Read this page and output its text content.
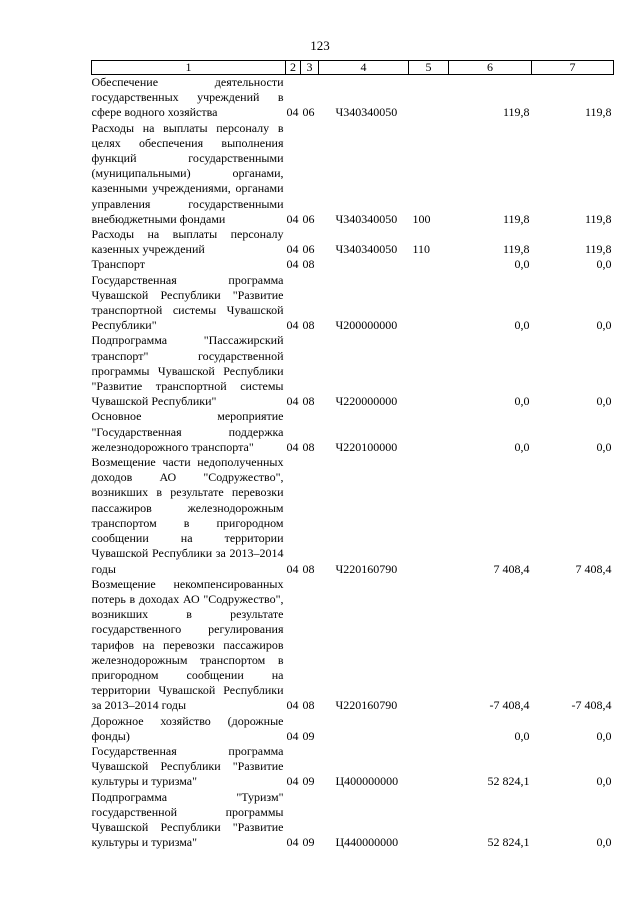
123
1	2	3	4	5	6	7
Обеспечение деятельности государственных учреждений в сфере водного хозяйства	04	06	Ч340340050		119,8	119,8
Расходы на выплаты персоналу в целях обеспечения выполнения функций государственными (муниципальными) органами, казенными учреждениями, органами управления государственными внебюджетными фондами	04	06	Ч340340050	100	119,8	119,8
Расходы на выплаты персоналу казенных учреждений	04	06	Ч340340050	110	119,8	119,8
Транспорт	04	08			0,0	0,0
Государственная программа Чувашской Республики "Развитие транспортной системы Чувашской Республики"	04	08	Ч200000000		0,0	0,0
Подпрограмма "Пассажирский транспорт" государственной программы Чувашской Республики "Развитие транспортной системы Чувашской Республики"	04	08	Ч220000000		0,0	0,0
Основное мероприятие "Государственная поддержка железнодорожного транспорта"	04	08	Ч220100000		0,0	0,0
Возмещение части недополученных доходов АО "Содружество", возникших в результате перевозки пассажиров железнодорожным транспортом в пригородном сообщении на территории Чувашской Республики за 2013–2014 годы	04	08	Ч220160790		7 408,4	7 408,4
Возмещение некомпенсированных потерь в доходах АО "Содружество", возникших в результате государственного регулирования тарифов на перевозки пассажиров железнодорожным транспортом в пригородном сообщении на территории Чувашской Республики за 2013–2014 годы	04	08	Ч220160790		-7 408,4	-7 408,4
Дорожное хозяйство (дорожные фонды)	04	09			0,0	0,0
Государственная программа Чувашской Республики "Развитие культуры и туризма"	04	09	Ц400000000		52 824,1	0,0
Подпрограмма "Туризм" государственной программы Чувашской Республики "Развитие культуры и туризма"	04	09	Ц440000000		52 824,1	0,0
